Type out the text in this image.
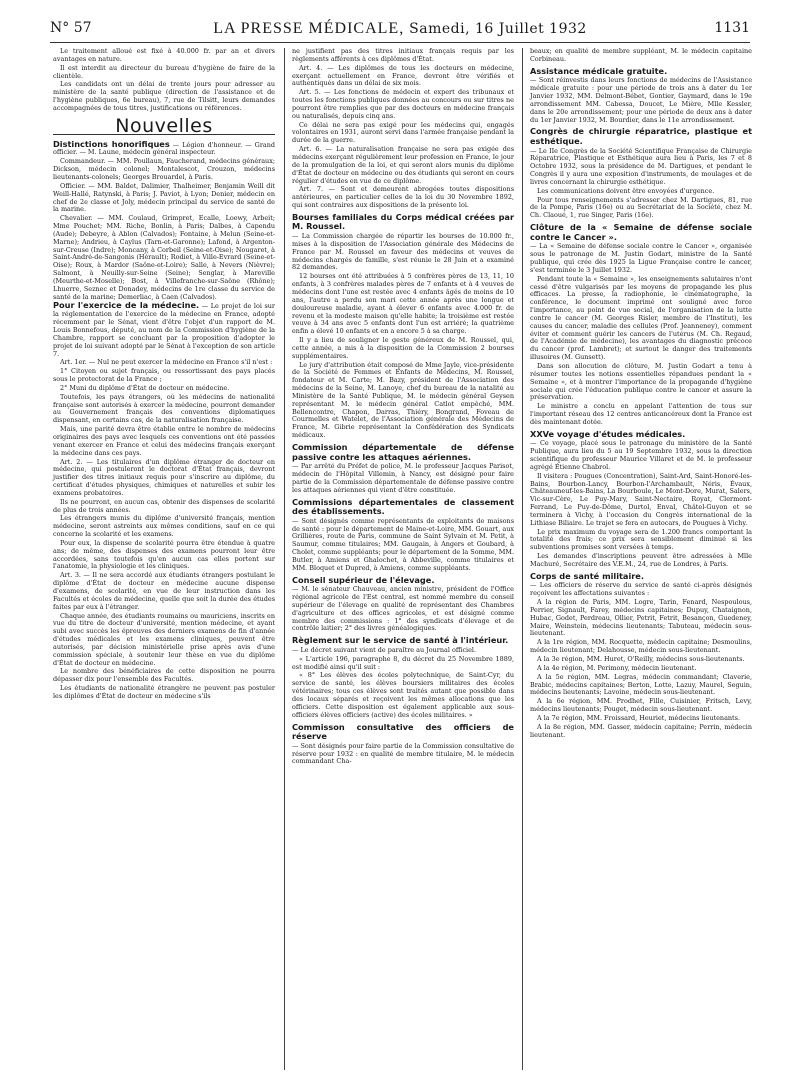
N° 57	LA PRESSE MÉDICALE, Samedi, 16 Juillet 1932	1131

Le traitement alloué est fixé à 40.000 fr. par an et divers avantages en nature.

Il est interdit au directeur du bureau d'hygiène de faire de la clientèle.

Les candidats ont un délai de trente jours pour adresser au ministère de la santé publique (direction de l'assistance et de l'hygiène publiques, 6e bureau), 7, rue de Tilsitt, leurs demandes accompagnées de tous titres, justifications ou références.

Nouvelles

Distinctions honorifiques — Légion d'honneur. — Grand officier. — M. Laune, médecin général inspecteur.

Commandeur. — MM. Poullaun, Faucherand, médecins généraux; Dickson, médecin colonel; Montalescot, Crouzon, médecins lieutenants-colonels; Georges Brouardel, à Paris.

Officier. — MM. Baldet, Dalimier, Thalheimer, Benjamin Weill dit Weill-Hallé, Ratynski, à Paris; J. Paviot, à Lyon; Denier, médecin en chef de 2e classe et Joly, médecin principal du service de santé de la marine.

Chevalier. — MM. Coulaud, Grimpret, Ecalle, Loewy, Arbeit; Mme Pouchet; MM. Riche, Bonlin, à Paris; Dalbes, à Capendu (Aude); Debeyre, à Ablon (Calvados); Fontaine, à Melun (Seine-et-Marne); Andrieu, à Caylus (Tarn-et-Garonne); Lafond, à Argenton-sur-Creuse (Indre); Moncany, à Corbeil (Seine-et-Oise); Nougaret, à Saint-André-de-Sangonis (Hérault); Rodiet, à Ville-Evrard (Seine-et-Oise); Roux, à Mardor (Saône-et-Loire); Salle, à Nevers (Nièvre); Salmont, à Neuilly-sur-Seine (Seine); Senglar, à Mareville (Meurthe-et-Moselle); Bost, à Villefranche-sur-Saône (Rhône); Lhuerre, Seznec et Donadey, médecins de 1re classe du service de santé de la marine; Demerliac, à Caen (Calvados).

Pour l'exercice de la médecine. — Le projet de loi sur la réglementation de l'exercice de la médecine en France, adopté récemment par le Sénat, vient d'être l'objet d'un rapport de M. Louis Bonnefous, député, au nom de la Commission d'hygiène de la Chambre, rapport se concluant par la proposition d'adopter le projet de loi suivant adopté par le Sénat à l'exception de son article 7.

Art. 1er. — Nul ne peut exercer la médecine en France s'il n'est :

1° Citoyen ou sujet français, ou ressortissant des pays placés sous le protectorat de la France ;

2° Muni du diplôme d'État de docteur en médecine.

Toutefois, les pays étrangers, où les médecins de nationalité française sont autorisés à exercer la médecine, pourront demander au Gouvernement français des conventions diplomatiques dispensant, en certains cas, de la naturalisation française.

Mais, une parité devra être établie entre le nombre de médecins originaires des pays avec lesquels ces conventions ont été passées venant exercer en France et celui des médecins français exerçant la médecine dans ces pays.

Art. 2. — Les titulaires d'un diplôme étranger de docteur en médecine, qui postuleront le doctorat d'État français, devront justifier des titres initiaux requis pour s'inscrire au diplôme, du certificat d'études physiques, chimiques et naturelles et subir les examens probatoires.

Ils ne pourront, en aucun cas, obtenir des dispenses de scolarité de plus de trois années.

Les étrangers munis du diplôme d'université français, mention médecine, seront astreints aux mêmes conditions, sauf en ce qui concerne la scolarité et les examens.

Pour eux, la dispense de scolarité pourra être étendue à quatre ans; de même, des dispenses des examens pourront leur être accordées, sans toutefois qu'en aucun cas elles portent sur l'anatomie, la physiologie et les cliniques.

Art. 3. — Il ne sera accordé aux étudiants étrangers postulant le diplôme d'État de docteur en médecine aucune dispense d'examens, de scolarité, en vue de leur instruction dans les Facultés et écoles de médecine, quelle que soit la durée des études faites par eux à l'étranger.

Chaque année, des étudiants roumains ou mauriciens, inscrits en vue du titre de docteur d'université, mention médecine, et ayant subi avec succès les épreuves des derniers examens de fin d'année d'études médicales et les examens cliniques, peuvent être autorisés, par décision ministérielle prise après avis d'une commission spéciale, à soutenir leur thèse en vue du diplôme d'État de docteur en médecine.

Le nombre des bénéficiaires de cette disposition ne pourra dépasser dix pour l'ensemble des Facultés.

Les étudiants de nationalité étrangère ne peuvent pas postuler les diplômes d'État de docteur en médecine s'ils

ne justifient pas des titres initiaux français requis par les règlements afférents à ces diplômes d'État.

Art. 4. — Les diplômes de tous les docteurs en médecine, exerçant actuellement en France, devront être vérifiés et authentiqués dans un délai de six mois.

Art. 5. — Les fonctions de médecin et expert des tribunaux et toutes les fonctions publiques données au concours ou sur titres ne pourront être remplies que par des docteurs en médecine français ou naturalisés, depuis cinq ans.

Ce délai ne sera pas exigé pour les médecins qui, engagés volontaires en 1931, auront servi dans l'armée française pendant la durée de la guerre.

Art. 6. — La naturalisation française ne sera pas exigée des médecins exerçant régulièrement leur profession en France, le jour de la promulgation de la loi, et qui seront alors munis du diplôme d'État de docteur en médecine ou des étudiants qui seront en cours régulier d'études en vue de ce diplôme.

Art. 7. — Sont et demeurent abrogées toutes dispositions antérieures, en particulier celles de la loi du 30 Novembre 1892, qui sont contraires aux dispositions de la présente loi.

Bourses familiales du Corps médical créées par M. Roussel.

— La Commission chargée de répartir les bourses de 10.000 fr., mises à la disposition de l'Association générale des Médecins de France par M. Roussel en faveur des médecins et veuves de médecins chargés de famille, s'est réunie le 28 Juin et a examiné 82 demandes.

12 bourses ont été attribuées à 5 confrères pères de 13, 11, 10 enfants, à 3 confrères malades pères de 7 enfants et à 4 veuves de médecins dont l'une est restée avec 4 enfants âgés de moins de 10 ans, l'autre a perdu son mari cette année après une longue et douloureuse maladie, ayant à élever 6 enfants avec 4.000 fr. de revenu et la modeste maison qu'elle habite; la troisième est restée veuve à 34 ans avec 5 enfants dont l'un est arriéré; la quatrième enfin a élevé 10 enfants et en a encore 5 à sa charge.

Il y a lieu de souligner le geste généreux de M. Roussel, qui, cette année, a mis à la disposition de la Commission 2 bourses supplémentaires.

Le jury d'attribution était composé de Mme Jayle, vice-présidente de la Société de Femmes et Enfants de Médecins, M. Roussel, fondateur et M. Carte; M. Bazy, président de l'Association des médecins de la Seine, M. Lanoye, chef du bureau de la natalité au Ministère de la Santé Publique, M. le médecin général Geysen représentant M. le médecin général Catlot empêché, MM. Bellencontre, Chapon, Darras, Thiéry, Bongrand, Foveau de Courmelles et Watelet, de l'Association générale des Médecins de France, M. Gibrie représentant la Confédération des Syndicats médicaux.

Commission départementale de défense passive contre les attaques aériennes.

— Par arrêté du Préfet de police, M. le professeur Jacques Parisot, médecin de l'Hôpital Villemin, à Nancy, est désigné pour faire partie de la Commission départementale de défense passive contre les attaques aériennes qui vient d'être constituée.

Commissions départementales de classement des établissements.

— Sont désignés comme représentants de exploitants de maisons de santé : pour le département de Maine-et-Loire, MM. Gouart, aux Grillières, route de Paris, commune de Saint Sylvain et M. Petit, à Saumur, comme titulaires; MM. Gaugain, à Angers et Goubard, à Cholet, comme suppléants; pour le département de la Somme, MM. Butler, à Amiens et Ghalochet, à Abbeville, comme titulaires et MM. Bloquet et Dupred, à Amiens, comme suppléants.

Conseil supérieur de l'élevage.

— M. le sénateur Chauveau, ancien ministre, président de l'Office régional agricole de l'Est central, est nommé membre du conseil supérieur de l'élevage en qualité de représentant des Chambres d'agriculture et des offices agricoles, et est désigné comme membre des commissions : 1° des syndicats d'élevage et de contrôle laitier; 2° des livres généalogiques.

Règlement sur le service de santé à l'intérieur.

— Le décret suivant vient de paraître au Journal officiel.

« L'article 196, paragraphe 8, du décret du 25 Novembre 1889, est modifié ainsi qu'il suit :

« 8° Les élèves des écoles polytechnique, de Saint-Cyr, du service de santé, les élèves boursiers militaires des écoles vétérinaires; tous ces élèves sont traités autant que possible dans des locaux séparés et reçoivent les mêmes allocations que les officiers. Cette disposition est également applicable aux sous-officiers élèves officiers (active) des écoles militaires. »

Commisson consultative des officiers de réserve

— Sont désignés pour faire partie de la Commission consultative de réserve pour 1932 : en qualité de membre titulaire, M. le médecin commandant Cha-

beaux; en qualité de membre suppléant, M. le médecin capitaine Corbineau.

Assistance médicale gratuite.

— Sont réinvestis dans leurs fonctions de médecins de l'Assistance médicale gratuite : pour une période de trois ans à dater du 1er Janvier 1932, MM. Delmont-Bébet, Gontier, Gaymard, dans le 19e arrondissement MM. Cabessa, Doucet, Le Mière, Mlle Kessler, dans le 20e arrondissement; pour une période de deux ans à dater du 1er Janvier 1932, M. Bourdier, dans le 11e arrondissement.

Congrès de chirurgie réparatrice, plastique et esthétique.

— Le IIe Congrès de la Société Scientifique Française de Chirurgie Réparatrice, Plastique et Esthétique aura lieu à Paris, les 7 et 8 Octobre 1932, sous la présidence de M. Dartigues, et pendant le Congrès il y aura une exposition d'instruments, de moulages et de livres concernant la chirurgie esthétique.

Les communications doivent être envoyées d'urgence.

Pour tous renseignements s'adresser chez M. Dartigues, 81, rue de la Pompe, Paris (16e) ou au Secrétariat de la Société, chez M. Ch. Claoué, 1, rue Singer, Paris (16e).

Clôture de la « Semaine de défense sociale contre le Cancer ».

— La « Semaine de défense sociale contre le Cancer », organisée sous le patronage de M. Justin Godart, ministre de la Santé publique, qui crée dès 1925 la Ligue Française contre le cancer, s'est terminée le 3 Juillet 1932.

Pendant toute la « Semaine », les enseignements salutaires n'ont cessé d'être vulgarisés par les moyens de propagande les plus efficaces. La presse, la radiophonie, le cinématographe, la conférence, le document imprimé ont souligné avec force l'importance, au point de vue social, de l'organisation de la lutte contre le cancer (M. Georges Risler, membre de l'Institut), les causes du cancer, maladie des cellules (Prof. Jeanneney), comment éviter et comment guérir les cancers de l'utérus (M. Ch. Regaud, de l'Académie de médecine), les avantages du diagnostic précoce du cancer (prof. Lambret); et surtout le danger des traitements illusoires (M. Gunsett).

Dans son allocution de clôture, M. Justin Godart a tenu à résumer toutes les notions essentielles répandues pendant la « Semaine », et à montrer l'importance de la propagande d'hygiène sociale qui crée l'éducation publique contre le cancer et assure la préservation.

Le ministre a conclu en appelant l'attention de tous sur l'important réseau des 12 centres anticancéreux dont la France est dès maintenant dotée.

XXVe voyage d'études médicales.

— Ce voyage, placé sous le patronage du ministère de la Santé Publique, aura lieu du 5 au 19 Septembre 1932, sous la direction scientifique du professeur Maurice Villaret et de M. le professeur agrégé Étienne Chabrol.

Il visitera : Pougues (Concentration), Saint-Ard, Saint-Honoré-les-Bains, Bourbon-Lancy, Bourbon-l'Archambault, Néris, Évaux, Châteauneuf-les-Bains, La Bourboule, Le Mont-Dore, Murat, Salers, Vic-sur-Cère, Le Puy-Mary, Saint-Nectaire, Royat, Clermont-Ferrand, Le Puy-de-Dôme, Durtol, Enval, Châtel-Guyon et se terminera à Vichy, à l'occasion du Congrès international de la Lithiase Biliaire. Le trajet se fera en autocars, de Pougues à Vichy.

Le prix maximum du voyage sera de 1.200 francs comportant la totalité des frais; ce prix sera sensiblement diminué si les subventions promises sont versées à temps.

Les demandes d'inscriptions peuvent être adressées à Mlle Machuré, Secrétaire des V.E.M., 24, rue de Londres, à Paris.

Corps de santé militaire.

— Les officiers de réserve du service de santé ci-après désignés reçoivent les affectations suivantes :

A la région de Paris, MM. Logre, Tarin, Fenard, Nespoulous, Perrier, Signault, Farey, médecins capitaines; Dupuy, Chataignon, Hubac, Godet, Perdreau, Ollier, Petrit, Fetrit, Besançon, Guedeney, Maire, Weinstein, médecins lieutenants; Tabuteau, médecin sous-lieutenant.

A la 1re région, MM. Rocquette, médecin capitaine; Desmoulins, médecin lieutenant; Delahousse, médecin sous-lieutenant.

A la 3e région, MM. Huret, O'Reilly, médecins sous-lieutenants.

A la 4e région, M. Perimony, médecin lieutenant.

A la 5e région, MM. Legras, médecin commandant; Claverie, Brabic, médecins capitaines; Berton, Lotte, Lazuy, Maurel, Seguin, médecins lieutenants; Lavoine, médecin sous-lieutenant.

A la 6e région, MM. Prodhet, Fille, Cuisinier, Fritsch, Levy, médecins lieutenants; Pouget, médecin sous-lieutenant.

A la 7e région, MM. Froissard, Heuriet, médecins lieutenants.

A la 8e région, MM. Gasser, médecin capitaine; Perrin, médecin lieutenant.
